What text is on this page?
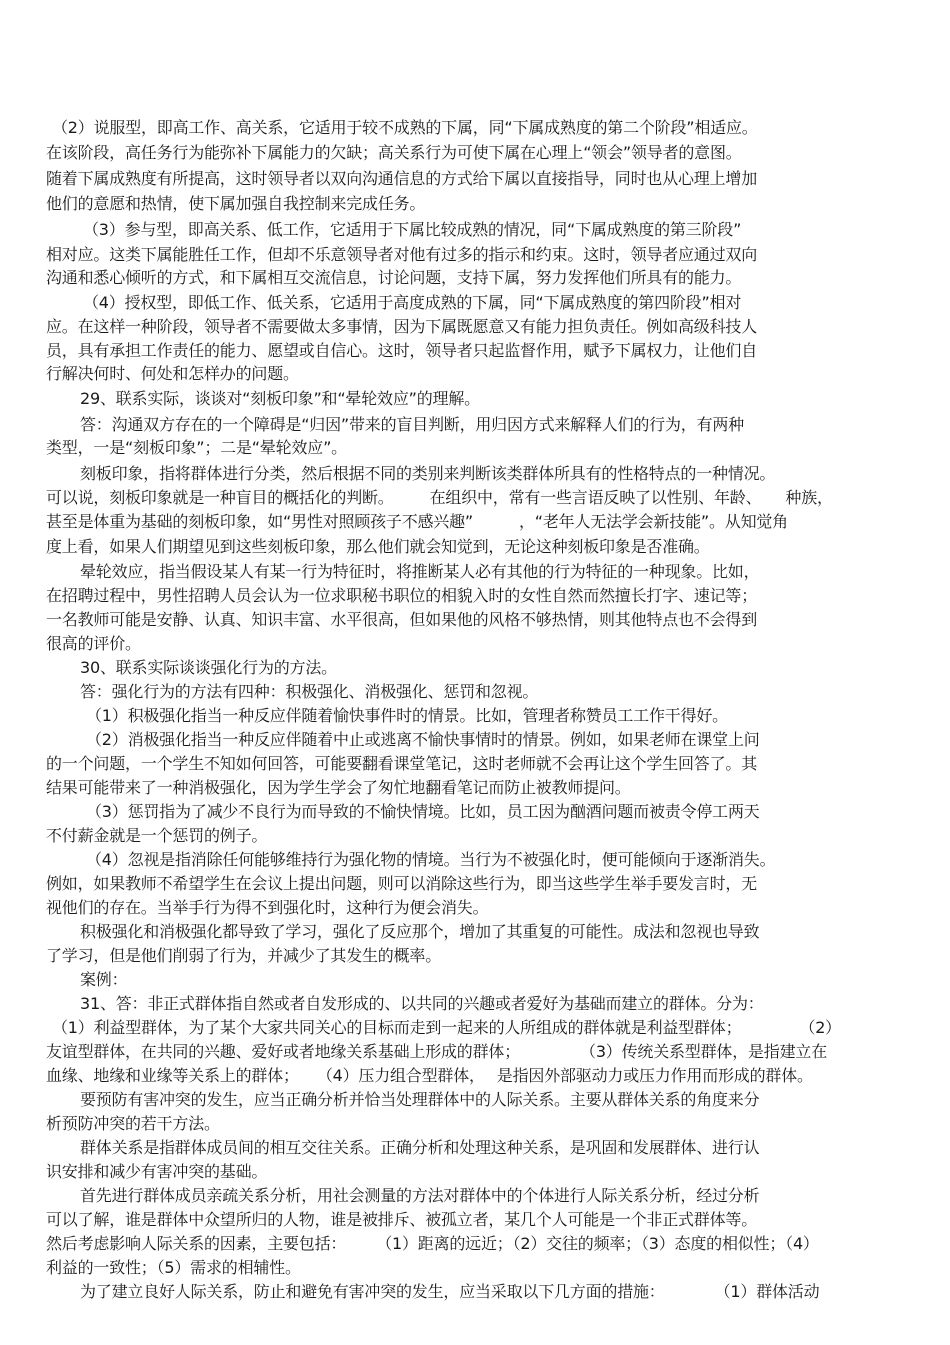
（2）说服型，即高工作、高关系，它适用于较不成熟的下属，同“下属成熟度的第二个阶段”相适应。
在该阶段，高任务行为能弥补下属能力的欠缺；高关系行为可使下属在心理上“领会”领导者的意图。
随着下属成熟度有所提高，这时领导者以双向沟通信息的方式给下属以直接指导，同时也从心理上增加
他们的意愿和热情，使下属加强自我控制来完成任务。
（3）参与型，即高关系、低工作，它适用于下属比较成熟的情况，同“下属成熟度的第三阶段”
相对应。这类下属能胜任工作，但却不乐意领导者对他有过多的指示和约束。这时，领导者应通过双向
沟通和悉心倾听的方式，和下属相互交流信息，讨论问题，支持下属，努力发挥他们所具有的能力。
（4）授权型，即低工作、低关系，它适用于高度成熟的下属，同“下属成熟度的第四阶段”相对
应。在这样一种阶段，领导者不需要做太多事情，因为下属既愿意又有能力担负责任。例如高级科技人
员，具有承担工作责任的能力、愿望或自信心。这时，领导者只起监督作用，赋予下属权力，让他们自
行解决何时、何处和怎样办的问题。
29、联系实际，谈谈对“刻板印象”和“晕轮效应”的理解。
答：沟通双方存在的一个障碍是“归因”带来的盲目判断，用归因方式来解释人们的行为，有两种
类型，一是“刻板印象”；二是“晕轮效应”。
刻板印象，指将群体进行分类，然后根据不同的类别来判断该类群体所具有的性格特点的一种情况。
可以说，刻板印象就是一种盲目的概括化的判断。 在组织中，常有一些言语反映了以性别、年龄、 种族，
甚至是体重为基础的刻板印象，如“男性对照顾孩子不感兴趣”	，“老年人无法学会新技能”。从知觉角
度上看，如果人们期望见到这些刻板印象，那么他们就会知觉到，无论这种刻板印象是否准确。
晕轮效应，指当假设某人有某一行为特征时，将推断某人必有其他的行为特征的一种现象。比如，
在招聘过程中，男性招聘人员会认为一位求职秘书职位的相貌入时的女性自然而然擅长打字、速记等；
一名教师可能是安静、认真、知识丰富、水平很高，但如果他的风格不够热情，则其他特点也不会得到
很高的评价。
30、联系实际谈谈强化行为的方法。
答：强化行为的方法有四种：积极强化、消极强化、惩罚和忽视。
（1）积极强化指当一种反应伴随着愉快事件时的情景。比如，管理者称赞员工工作干得好。
（2）消极强化指当一种反应伴随着中止或逃离不愉快事情时的情景。例如，如果老师在课堂上问
的一个问题，一个学生不知如何回答，可能要翻看课堂笔记，这时老师就不会再让这个学生回答了。其
结果可能带来了一种消极强化，因为学生学会了匆忙地翻看笔记而防止被教师提问。
（3）惩罚指为了减少不良行为而导致的不愉快情境。比如，员工因为酗酒问题而被责令停工两天
不付薪金就是一个惩罚的例子。
（4）忽视是指消除任何能够维持行为强化物的情境。当行为不被强化时，便可能倾向于逐渐消失。
例如，如果教师不希望学生在会议上提出问题，则可以消除这些行为，即当这些学生举手要发言时，无
视他们的存在。当举手行为得不到强化时，这种行为便会消失。
积极强化和消极强化都导致了学习，强化了反应那个，增加了其重复的可能性。成法和忽视也导致
了学习，但是他们削弱了行为，并减少了其发生的概率。
案例：
31、答：非正式群体指自然或者自发形成的、以共同的兴趣或者爱好为基础而建立的群体。分为：
（1）利益型群体，为了某个大家共同关心的目标而走到一起来的人所组成的群体就是利益型群体；	（2）
友谊型群体，在共同的兴趣、爱好或者地缘关系基础上形成的群体；	（3）传统关系型群体，是指建立在
血缘、地缘和业缘等关系上的群体； （4）压力组合型群体， 是指因外部驱动力或压力作用而形成的群体。
要预防有害冲突的发生，应当正确分析并恰当处理群体中的人际关系。主要从群体关系的角度来分
析预防冲突的若干方法。
群体关系是指群体成员间的相互交往关系。正确分析和处理这种关系，是巩固和发展群体、进行认
识安排和减少有害冲突的基础。
首先进行群体成员亲疏关系分析，用社会测量的方法对群体中的个体进行人际关系分析，经过分析
可以了解，谁是群体中众望所归的人物，谁是被排斥、被孤立者，某几个人可能是一个非正式群体等。
然后考虑影响人际关系的因素，主要包括： （1）距离的远近；（2）交往的频率；（3）态度的相似性；（4）
利益的一致性；（5）需求的相辅性。
为了建立良好人际关系，防止和避免有害冲突的发生，应当采取以下几方面的措施：	（1）群体活动
